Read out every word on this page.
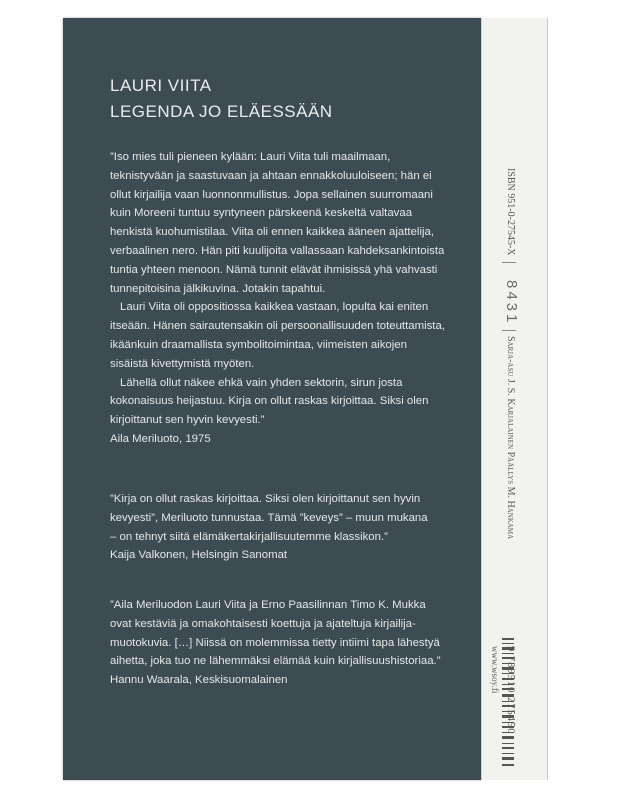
LAURI VIITA
LEGENDA JO ELÄESSÄÄN

”Iso mies tuli pieneen kylään: Lauri Viita tuli maailmaan,

teknistyvään ja saastuvaan ja ahtaan ennakkoluuloiseen; hän ei

ollut kirjailija vaan luonnonmullistus. Jopa sellainen suurromaani

kuin Moreeni tuntuu syntyneen pärskeenä keskeltä valtavaa

henkistä kuohumistilaa. Viita oli ennen kaikkea ääneen ajattelija,

verbaalinen nero. Hän piti kuulijoita vallassaan kahdeksankintoista

tuntia yhteen menoon. Nämä tunnit elävät ihmisissä yhä vahvasti

tunnepitoisina jälkikuvina. Jotakin tapahtui.

Lauri Viita oli oppositiossa kaikkea vastaan, lopulta kai eniten

itseään. Hänen sairautensakin oli persoonallisuuden toteuttamista,

ikäänkuin draamallista symbolitoimintaa, viimeisten aikojen

sisäistä kivettymistä myöten.

Lähellä ollut näkee ehkä vain yhden sektorin, sirun josta

kokonaisuus heijastuu. Kirja on ollut raskas kirjoittaa. Siksi olen

kirjoittanut sen hyvin kevyesti.”

Aila Meriluoto, 1975

”Kirja on ollut raskas kirjoittaa. Siksi olen kirjoittanut sen hyvin

kevyesti”, Meriluoto tunnustaa. Tämä ”keveys” – muun mukana

– on tehnyt siitä elämäkertakirjallisuutemme klassikon.”

Kaija Valkonen, Helsingin Sanomat

”Aila Meriluodon Lauri Viita ja Erno Paasilinnan Timo K. Mukka

ovat kestäviä ja omakohtaisesti koettuja ja ajateltuja kirjailija-

muotokuvia. […] Niissä on molemmissa tietty intiimi tapa lähestyä

aihetta, joka tuo ne lähemmäksi elämää kuin kirjallisuushistoriaa.”

Hannu Waarala, Keskisuomalainen

ISBN 951-0-27545-X
8431
Sarja-asu J. S. Karjalainen Päällys M. Hankama
www.wsoy.fi 9 789510 275450
